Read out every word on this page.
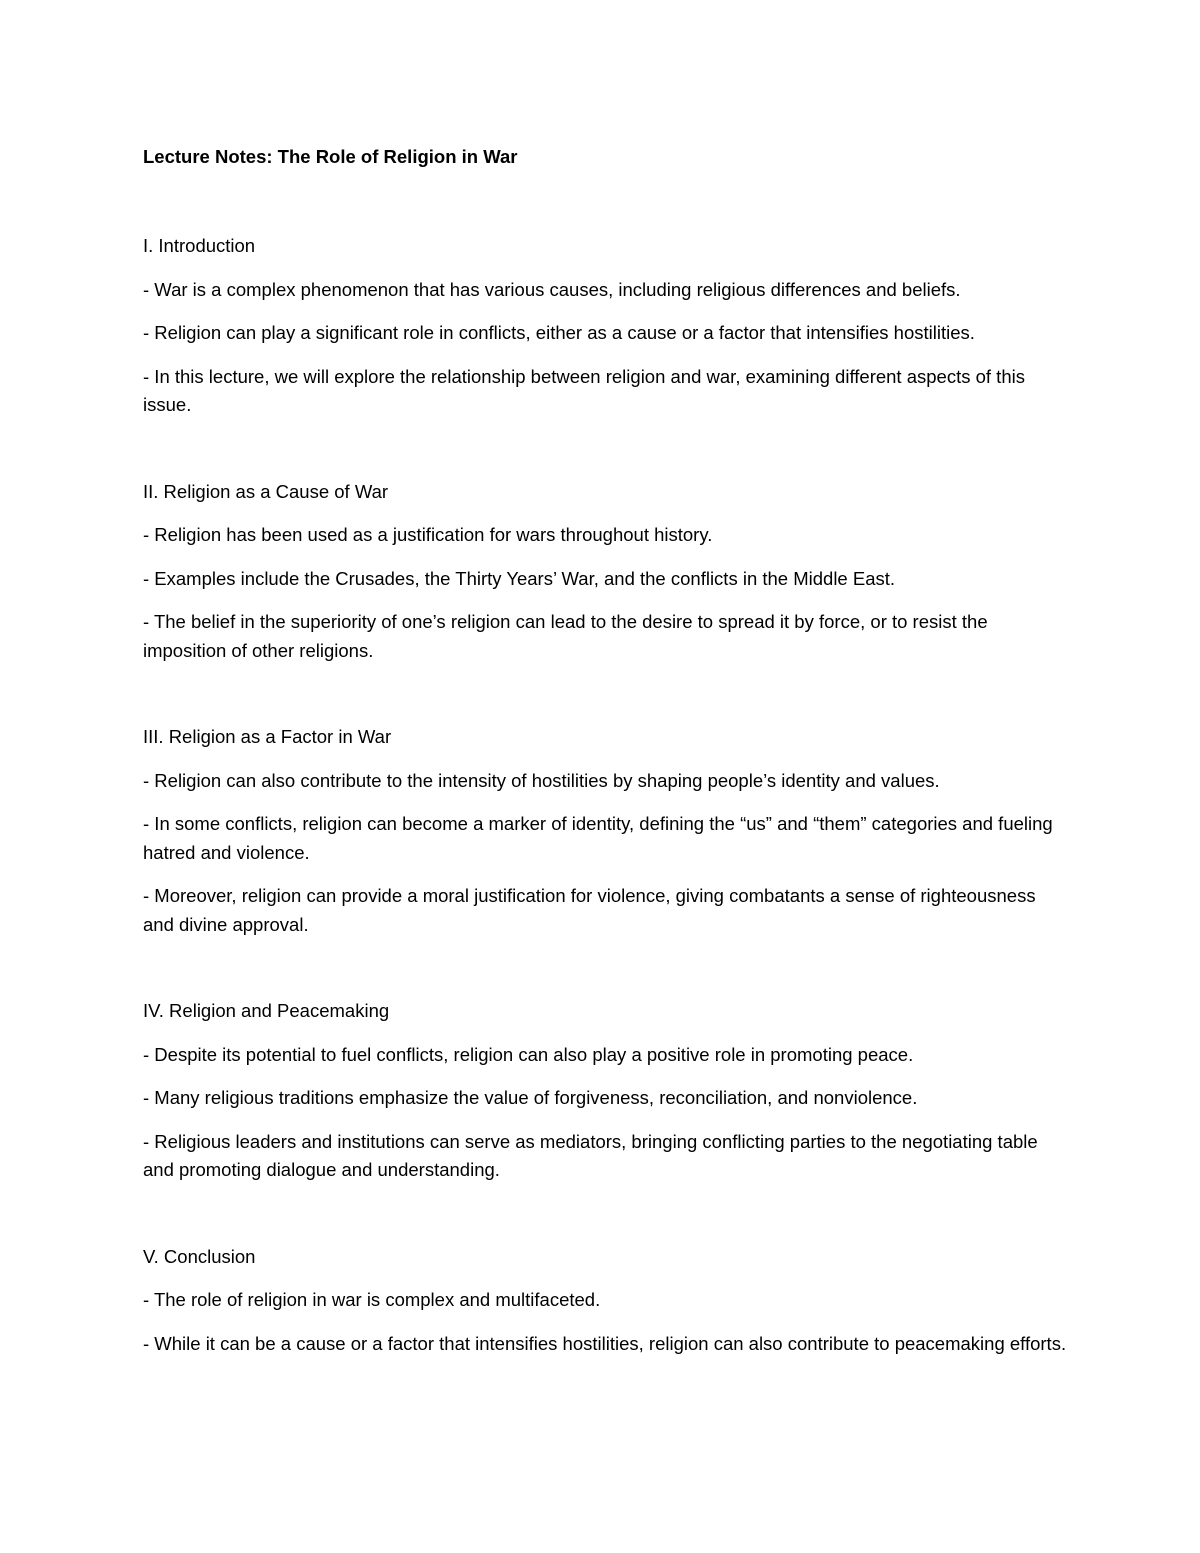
Lecture Notes: The Role of Religion in War
I. Introduction
- War is a complex phenomenon that has various causes, including religious differences and beliefs.
- Religion can play a significant role in conflicts, either as a cause or a factor that intensifies hostilities.
- In this lecture, we will explore the relationship between religion and war, examining different aspects of this issue.
II. Religion as a Cause of War
- Religion has been used as a justification for wars throughout history.
- Examples include the Crusades, the Thirty Years’ War, and the conflicts in the Middle East.
- The belief in the superiority of one’s religion can lead to the desire to spread it by force, or to resist the imposition of other religions.
III. Religion as a Factor in War
- Religion can also contribute to the intensity of hostilities by shaping people’s identity and values.
- In some conflicts, religion can become a marker of identity, defining the “us” and “them” categories and fueling hatred and violence.
- Moreover, religion can provide a moral justification for violence, giving combatants a sense of righteousness and divine approval.
IV. Religion and Peacemaking
- Despite its potential to fuel conflicts, religion can also play a positive role in promoting peace.
- Many religious traditions emphasize the value of forgiveness, reconciliation, and nonviolence.
- Religious leaders and institutions can serve as mediators, bringing conflicting parties to the negotiating table and promoting dialogue and understanding.
V. Conclusion
- The role of religion in war is complex and multifaceted.
- While it can be a cause or a factor that intensifies hostilities, religion can also contribute to peacemaking efforts.
